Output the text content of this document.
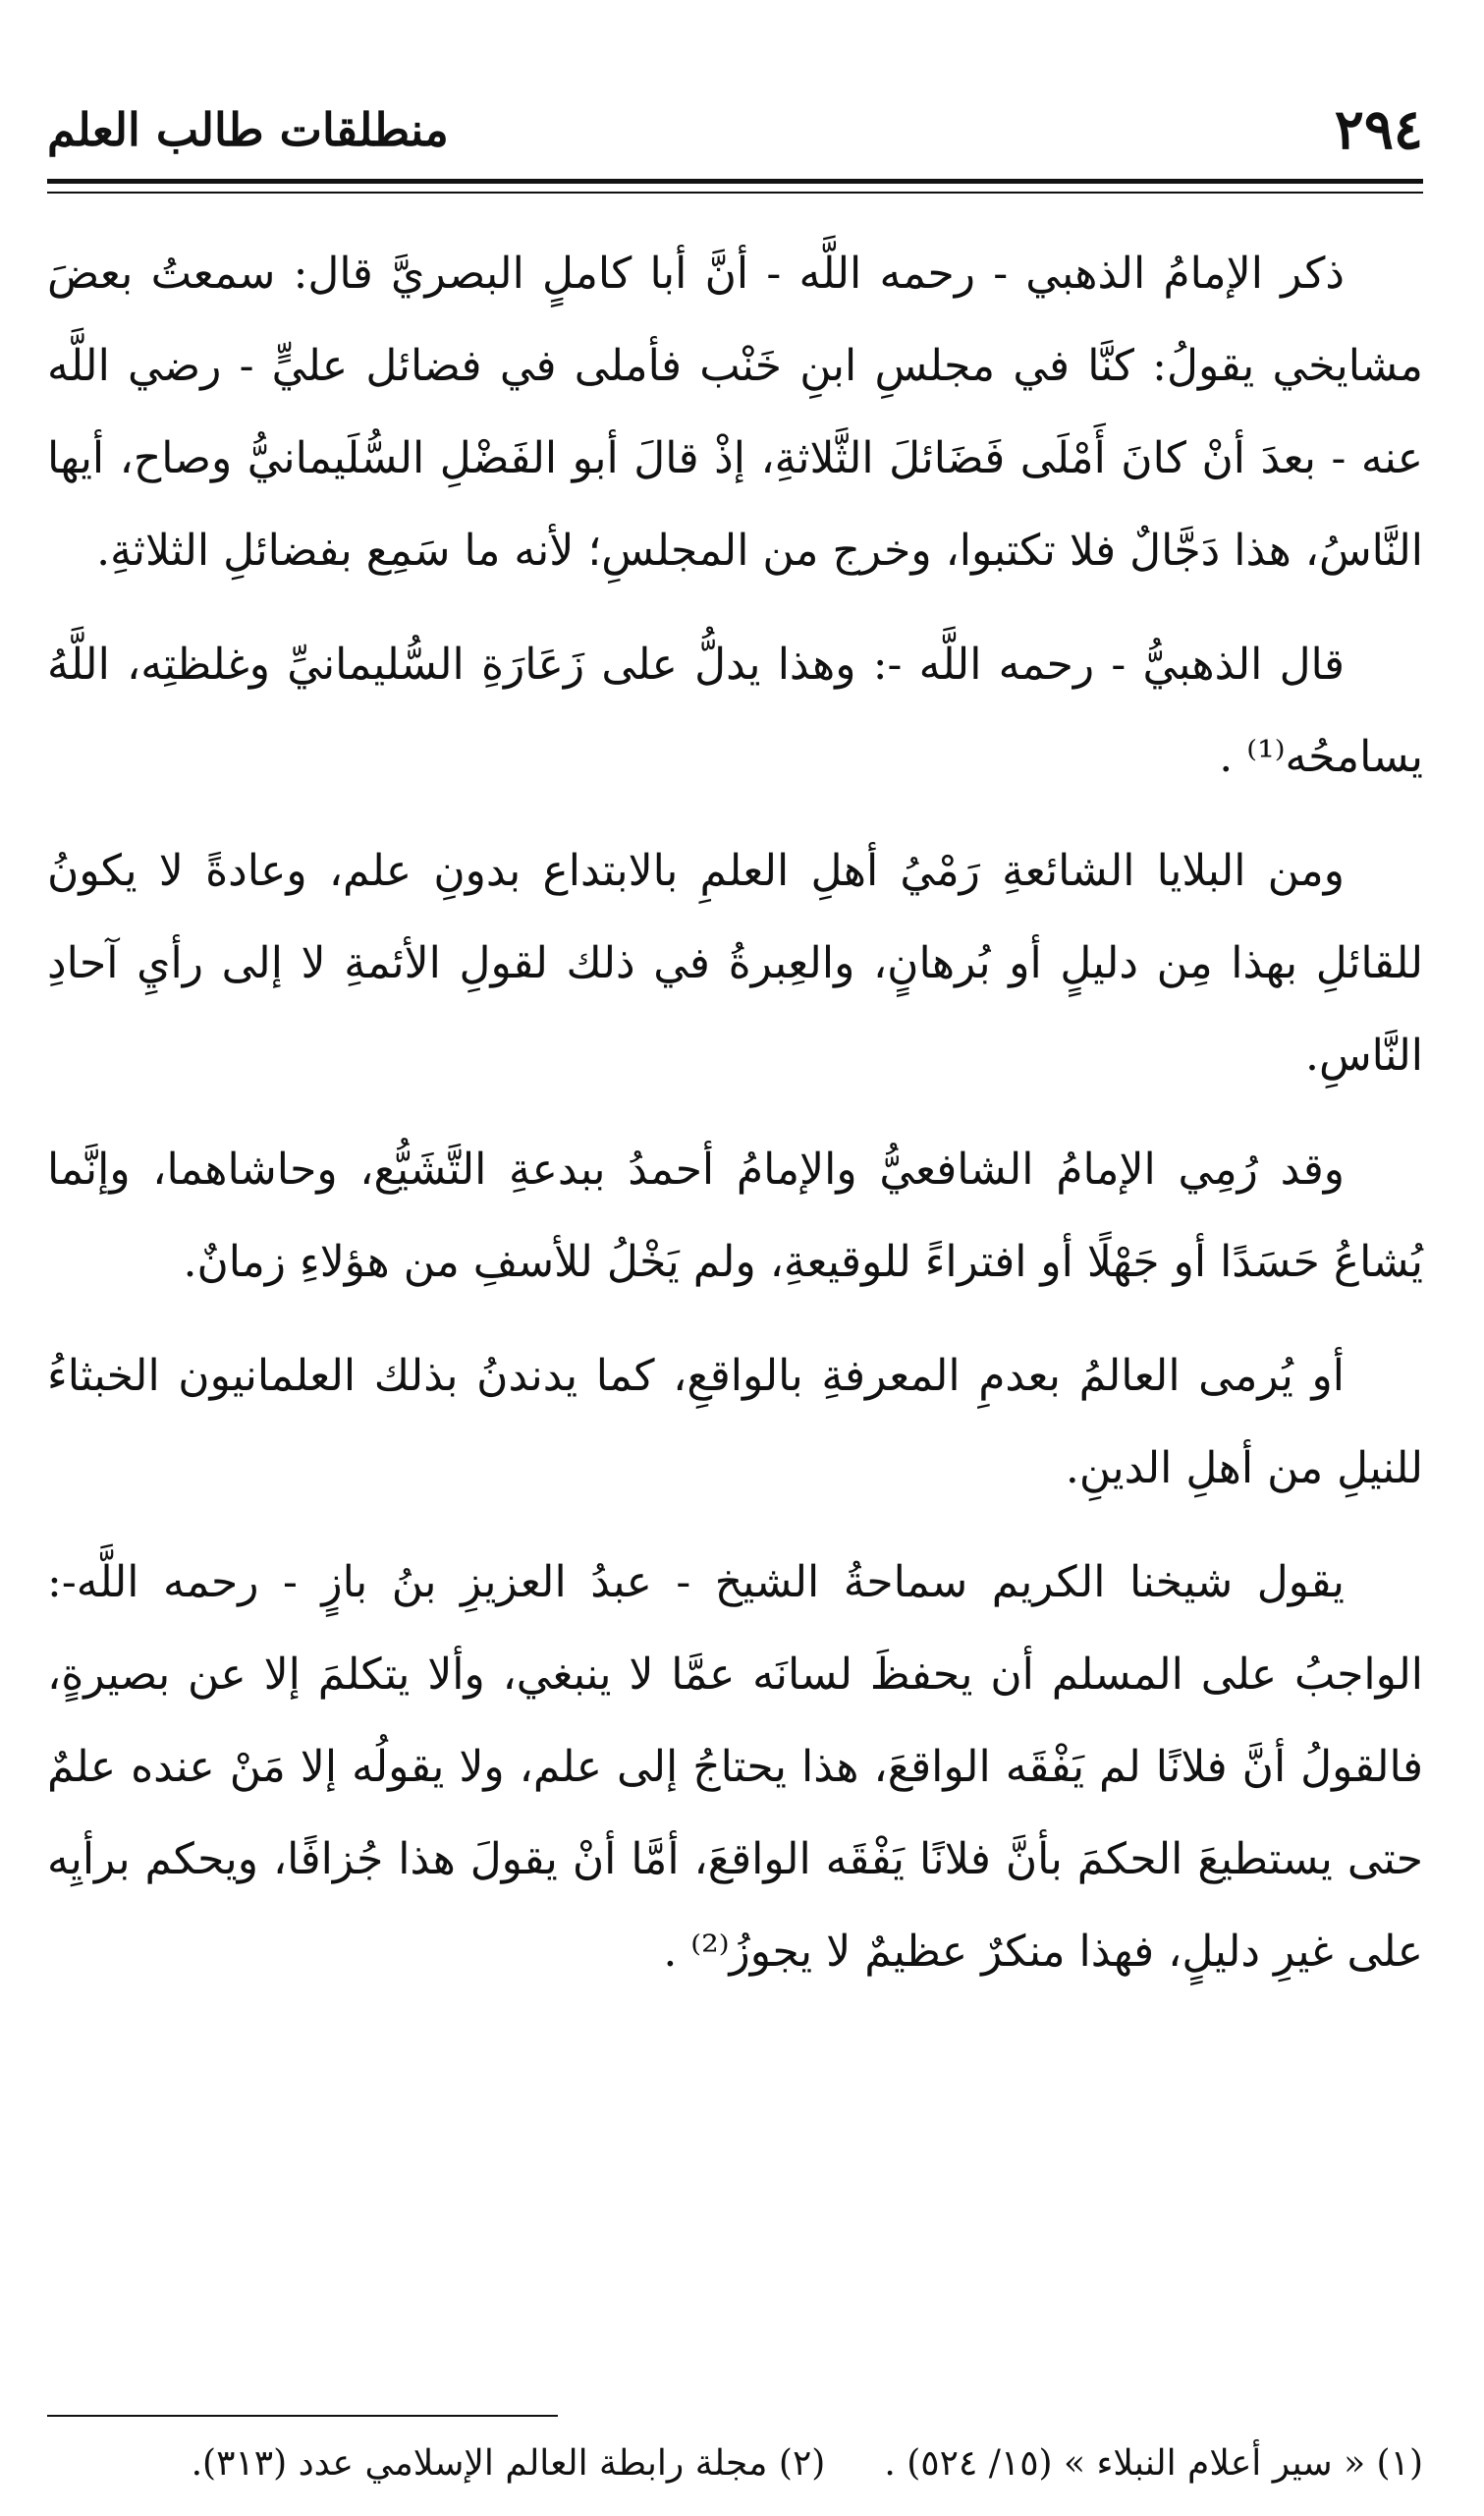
٢٩٤
منطلقات طالب العلم

ذكر الإمامُ الذهبي - رحمه اللَّه - أنَّ أبا كاملٍ البصريَّ قال: سمعتُ بعضَ مشايخي يقولُ: كنَّا في مجلسِ ابنِ خَنْب فأملى في فضائل عليٍّ - رضي اللَّه عنه - بعدَ أنْ كانَ أَمْلَى فَضَائلَ الثَّلاثةِ، إذْ قالَ أبو الفَضْلِ السُّلَيمانيُّ وصاح، أيها النَّاسُ، هذا دَجَّالٌ فلا تكتبوا، وخرج من المجلسِ؛ لأنه ما سَمِع بفضائلِ الثلاثةِ.

قال الذهبيُّ - رحمه اللَّه -: وهذا يدلُّ على زَعَارَةِ السُّليمانيِّ وغلظتِه، اللَّهُ يسامحُه⁽¹⁾ .

ومن البلايا الشائعةِ رَمْيُ أهلِ العلمِ بالابتداع بدونِ علم، وعادةً لا يكونُ للقائلِ بهذا مِن دليلٍ أو بُرهانٍ، والعِبرةُ في ذلك لقولِ الأئمةِ لا إلى رأيِ آحادِ النَّاسِ.

وقد رُمِي الإمامُ الشافعيُّ والإمامُ أحمدُ ببدعةِ التَّشَيُّع، وحاشاهما، وإنَّما يُشاعُ حَسَدًا أو جَهْلًا أو افتراءً للوقيعةِ، ولم يَخْلُ للأسفِ من هؤلاءِ زمانٌ.

أو يُرمى العالمُ بعدمِ المعرفةِ بالواقعِ، كما يدندنُ بذلك العلمانيون الخبثاءُ للنيلِ من أهلِ الدينِ.

يقول شيخنا الكريم سماحةُ الشيخ - عبدُ العزيزِ بنُ بازٍ - رحمه اللَّه-: الواجبُ على المسلم أن يحفظَ لسانَه عمَّا لا ينبغي، وألا يتكلمَ إلا عن بصيرةٍ، فالقولُ أنَّ فلانًا لم يَفْقَه الواقعَ، هذا يحتاجُ إلى علم، ولا يقولُه إلا مَنْ عنده علمٌ حتى يستطيعَ الحكمَ بأنَّ فلانًا يَفْقَه الواقعَ، أمَّا أنْ يقولَ هذا جُزافًا، ويحكم برأيِه على غيرِ دليلٍ، فهذا منكرٌ عظيمٌ لا يجوزُ⁽²⁾ .

(١) « سير أعلام النبلاء » (١٥/ ٥٢٤) .
(٢) مجلة رابطة العالم الإسلامي عدد (٣١٣).
